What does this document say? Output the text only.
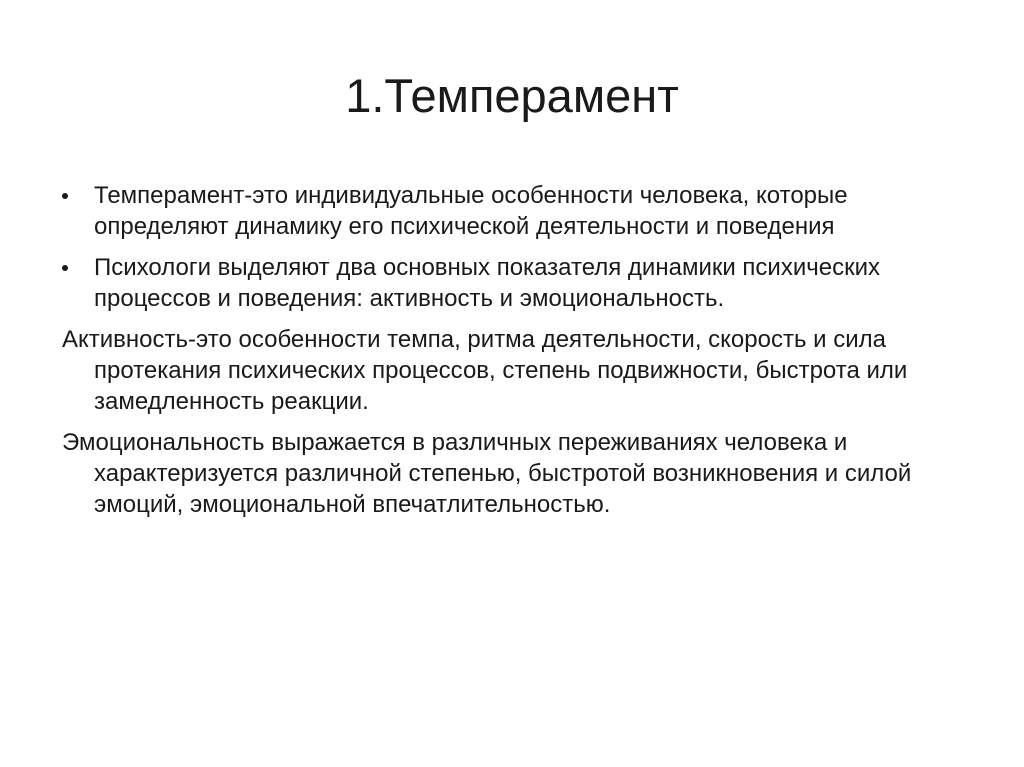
1.Темперамент
Темперамент-это индивидуальные особенности человека, которые определяют динамику его психической деятельности и поведения
Психологи выделяют два основных показателя динамики психических процессов и поведения: активность и эмоциональность.
Активность-это особенности темпа, ритма деятельности, скорость и сила протекания психических процессов, степень подвижности, быстрота или замедленность реакции.
Эмоциональность выражается в различных переживаниях человека и характеризуется различной степенью, быстротой возникновения и силой эмоций, эмоциональной впечатлительностью.
